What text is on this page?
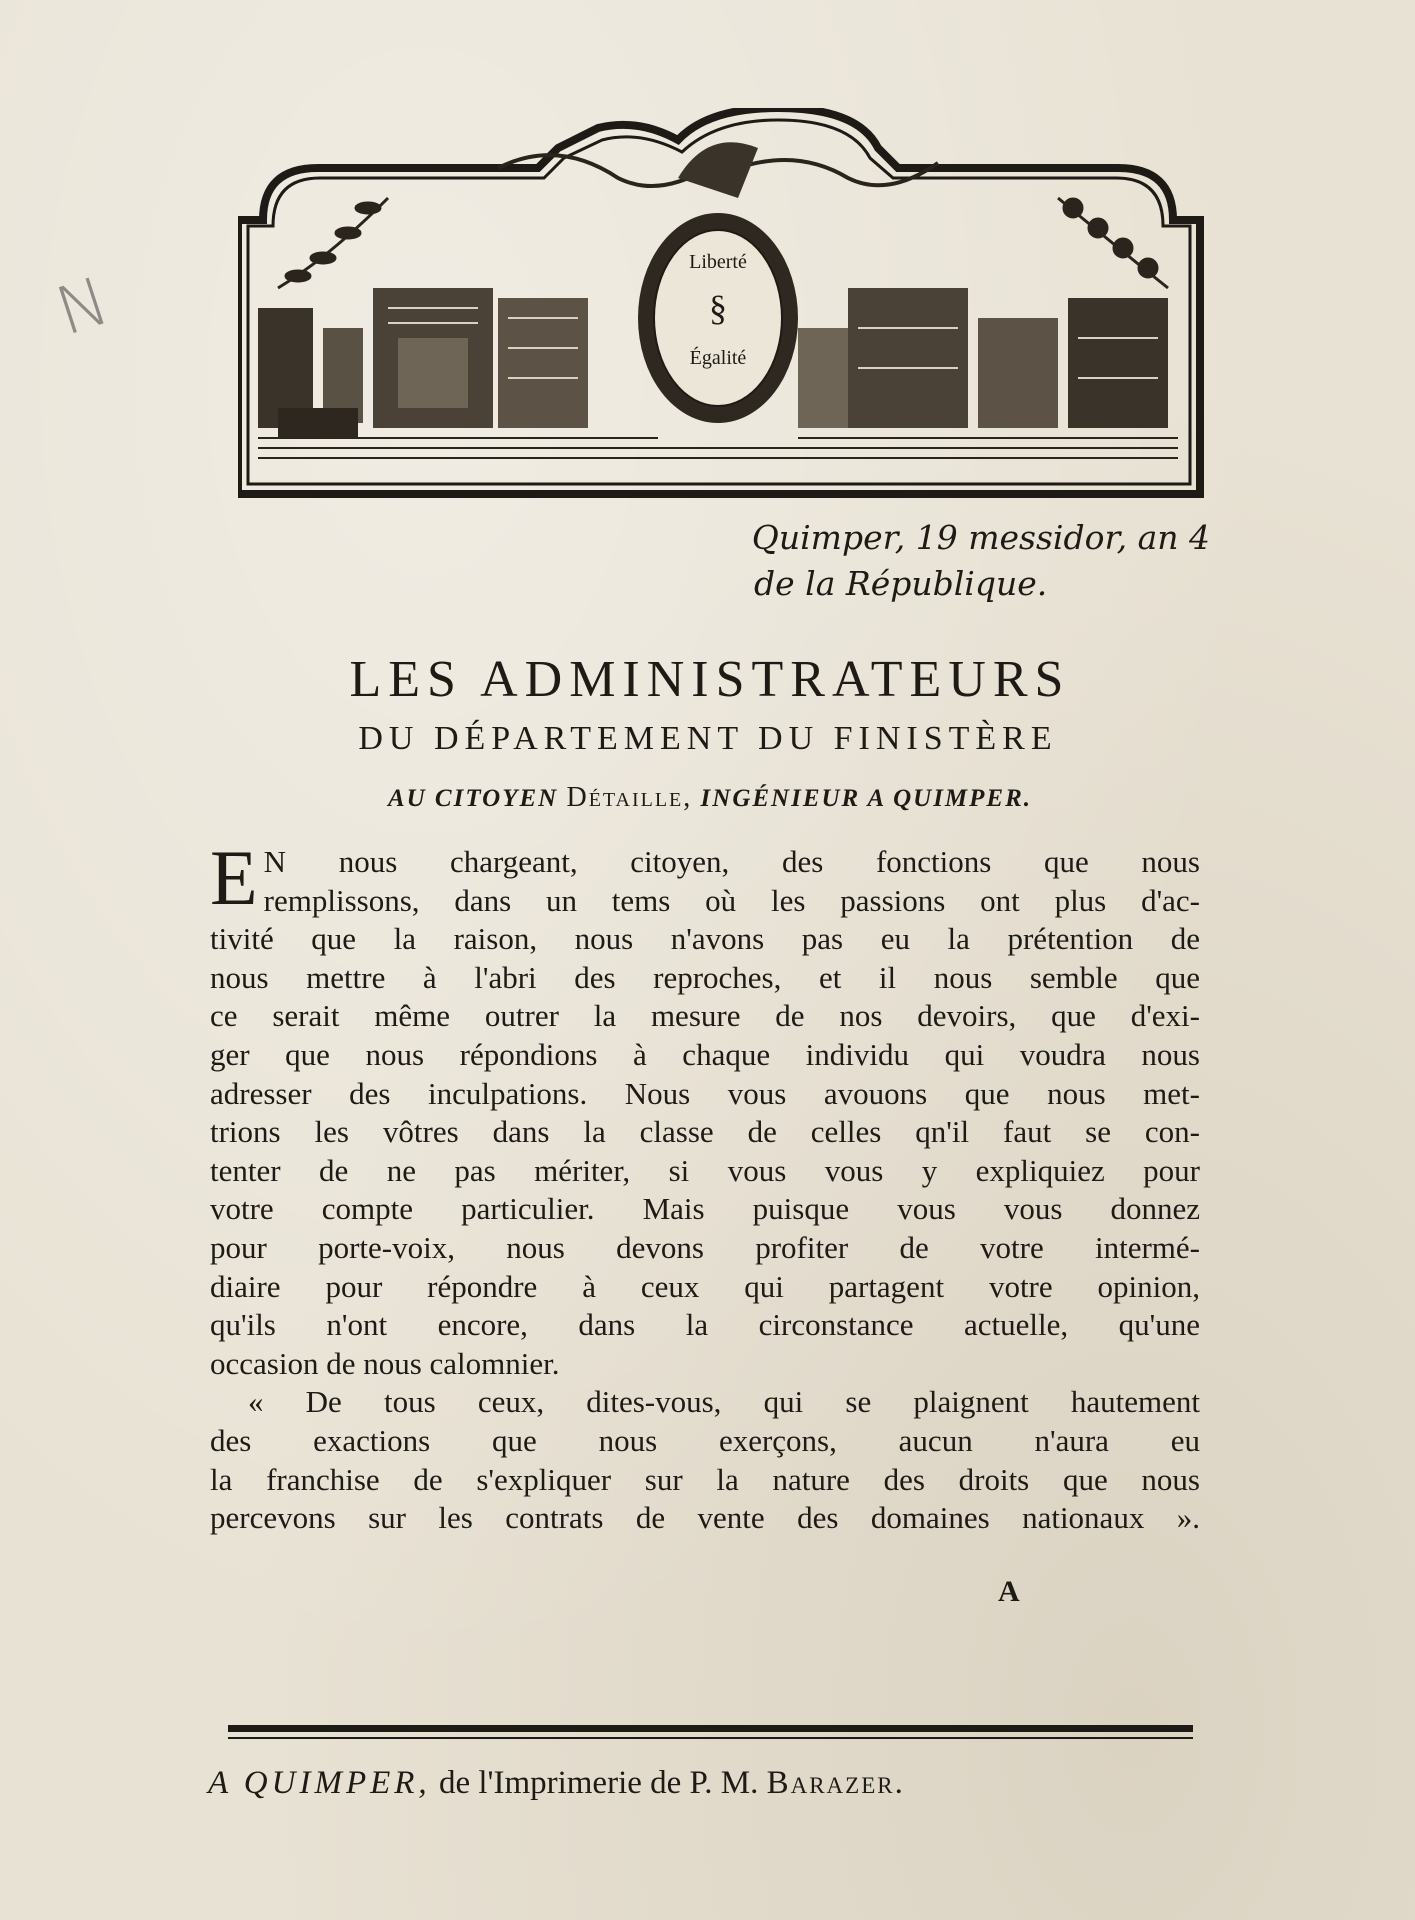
N
Liberté
§
Égalité
Quimper, 19 messidor, an 4
de la République.
LES ADMINISTRATEURS
DU DÉPARTEMENT DU FINISTÈRE
AU CITOYEN Détaille, INGÉNIEUR A QUIMPER.

E N nous chargeant, citoyen, des fonctions que nous
remplissons, dans un tems où les passions ont plus d'ac-
tivité que la raison, nous n'avons pas eu la prétention de
nous mettre à l'abri des reproches, et il nous semble que
ce serait même outrer la mesure de nos devoirs, que d'exi-
ger que nous répondions à chaque individu qui voudra nous
adresser des inculpations. Nous vous avouons que nous met-
trions les vôtres dans la classe de celles qn'il faut se con-
tenter de ne pas mériter, si vous vous y expliquiez pour
votre compte particulier. Mais puisque vous vous donnez
pour porte-voix, nous devons profiter de votre intermé-
diaire pour répondre à ceux qui partagent votre opinion,
qu'ils n'ont encore, dans la circonstance actuelle, qu'une
occasion de nous calomnier.

« De tous ceux, dites-vous, qui se plaignent hautement
des exactions que nous exerçons, aucun n'aura eu
la franchise de s'expliquer sur la nature des droits que nous
percevons sur les contrats de vente des domaines nationaux ».

A
A QUIMPER, de l'Imprimerie de P. M. Barazer.
